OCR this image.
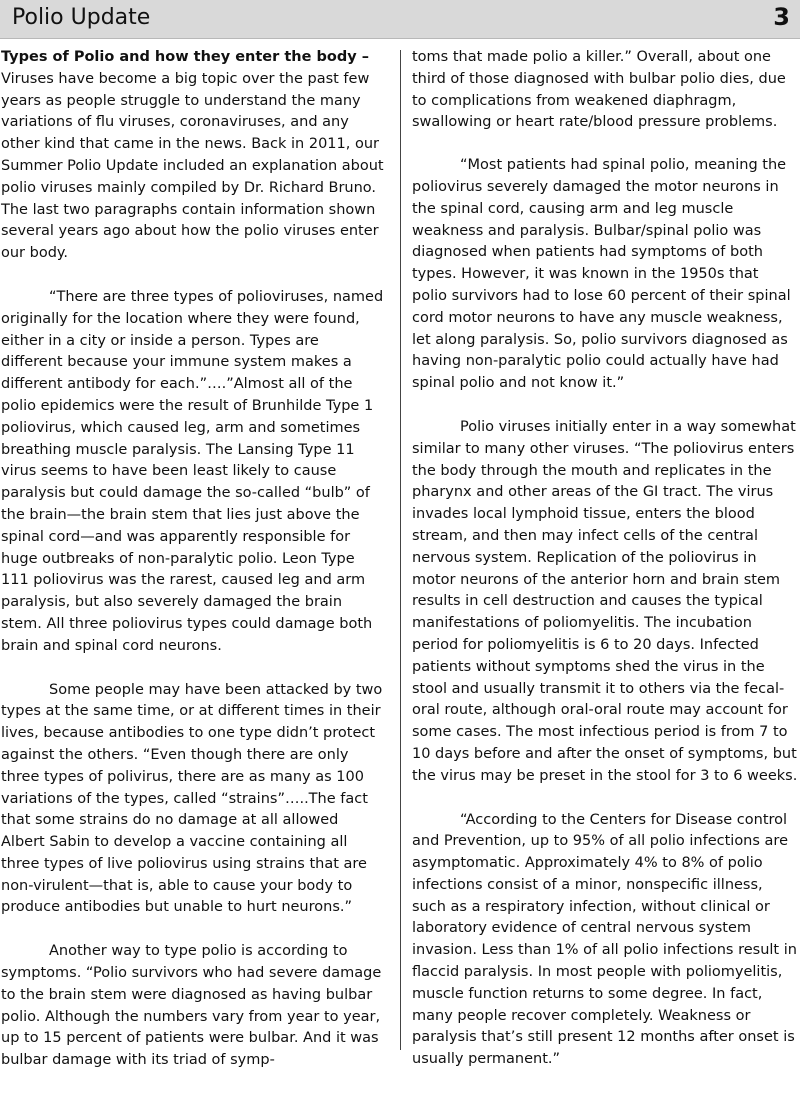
Polio Update	3

Types of Polio and how they enter the body –
Viruses have become a big topic over the past few years as people struggle to understand the many variations of flu viruses, coronaviruses, and any other kind that came in the news. Back in 2011, our Summer Polio Update included an explanation about polio viruses mainly compiled by Dr. Richard Bruno. The last two paragraphs contain information shown several years ago about how the polio viruses enter our body.

“There are three types of polioviruses, named originally for the location where they were found, either in a city or inside a person. Types are different because your immune system makes a different antibody for each.”….”Almost all of the polio epidemics were the result of Brunhilde Type 1 poliovirus, which caused leg, arm and sometimes breathing muscle paralysis. The Lansing Type 11 virus seems to have been least likely to cause paralysis but could damage the so-called “bulb” of the brain—the brain stem that lies just above the spinal cord—and was apparently responsible for huge outbreaks of non-paralytic polio. Leon Type 111 poliovirus was the rarest, caused leg and arm paralysis, but also severely damaged the brain stem. All three poliovirus types could damage both brain and spinal cord neurons.

Some people may have been attacked by two types at the same time, or at different times in their lives, because antibodies to one type didn’t protect against the others. “Even though there are only three types of polivirus, there are as many as 100 variations of the types, called “strains”…..The fact that some strains do no damage at all allowed Albert Sabin to develop a vaccine containing all three types of live poliovirus using strains that are non-virulent—that is, able to cause your body to produce antibodies but unable to hurt neurons.”

Another way to type polio is according to symptoms. “Polio survivors who had severe damage to the brain stem were diagnosed as having bulbar polio. Although the numbers vary from year to year, up to 15 percent of patients were bulbar. And it was bulbar damage with its triad of symp-

toms that made polio a killer.” Overall, about one third of those diagnosed with bulbar polio dies, due to complications from weakened diaphragm, swallowing or heart rate/blood pressure problems.

“Most patients had spinal polio, meaning the poliovirus severely damaged the motor neurons in the spinal cord, causing arm and leg muscle weakness and paralysis. Bulbar/spinal polio was diagnosed when patients had symptoms of both types. However, it was known in the 1950s that polio survivors had to lose 60 percent of their spinal cord motor neurons to have any muscle weakness, let along paralysis. So, polio survivors diagnosed as having non-paralytic polio could actually have had spinal polio and not know it.”

Polio viruses initially enter in a way somewhat similar to many other viruses. “The poliovirus enters the body through the mouth and replicates in the pharynx and other areas of the GI tract. The virus invades local lymphoid tissue, enters the blood stream, and then may infect cells of the central nervous system. Replication of the poliovirus in motor neurons of the anterior horn and brain stem results in cell destruction and causes the typical manifestations of poliomyelitis. The incubation period for poliomyelitis is 6 to 20 days. Infected patients without symptoms shed the virus in the stool and usually transmit it to others via the fecal-oral route, although oral-oral route may account for some cases. The most infectious period is from 7 to 10 days before and after the onset of symptoms, but the virus may be preset in the stool for 3 to 6 weeks.

“According to the Centers for Disease control and Prevention, up to 95% of all polio infections are asymptomatic. Approximately 4% to 8% of polio infections consist of a minor, nonspecific illness, such as a respiratory infection, without clinical or laboratory evidence of central nervous system invasion. Less than 1% of all polio infections result in flaccid paralysis. In most people with poliomyelitis, muscle function returns to some degree. In fact, many people recover completely. Weakness or paralysis that’s still present 12 months after onset is usually permanent.”
